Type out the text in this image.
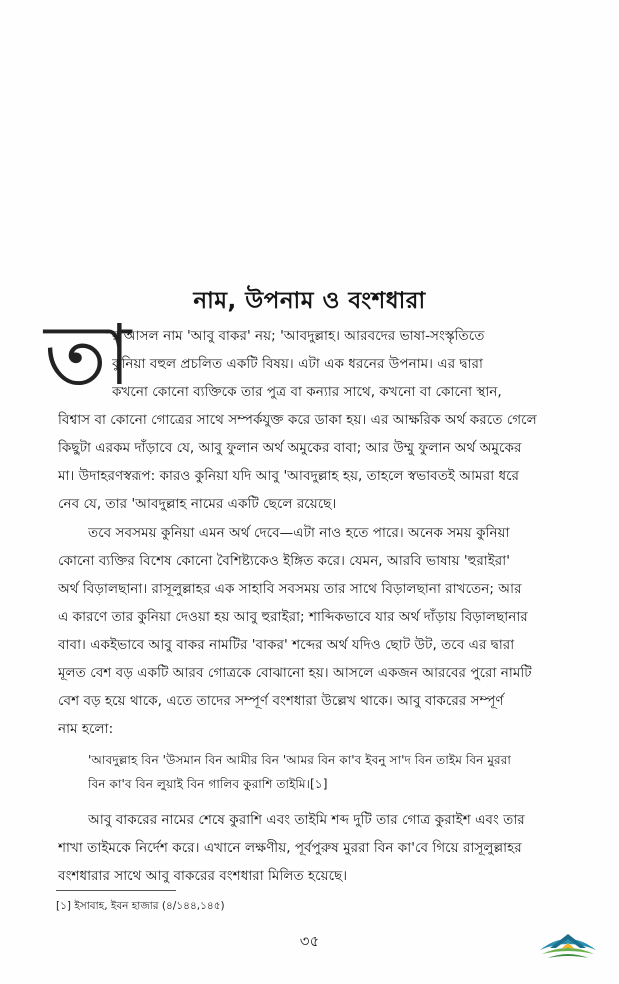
নাম, উপনাম ও বংশধারা
তা
র আসল নাম 'আবু বাকর' নয়; 'আবদুল্লাহ। আরবদের ভাষা-সংস্কৃতিতে
কুনিয়া বহুল প্রচলিত একটি বিষয়। এটা এক ধরনের উপনাম। এর দ্বারা
কখনো কোনো ব্যক্তিকে তার পুত্র বা কন্যার সাথে, কখনো বা কোনো স্থান,
বিশ্বাস বা কোনো গোত্রের সাথে সম্পর্কযুক্ত করে ডাকা হয়। এর আক্ষরিক অর্থ করতে গেলে
কিছুটা এরকম দাঁড়াবে যে, আবু ফুলান অর্থ অমুকের বাবা; আর উম্মু ফুলান অর্থ অমুকের
মা। উদাহরণস্বরূপ: কারও কুনিয়া যদি আবু 'আবদুল্লাহ হয়, তাহলে স্বভাবতই আমরা ধরে
নেব যে, তার 'আবদুল্লাহ নামের একটি ছেলে রয়েছে।
তবে সবসময় কুনিয়া এমন অর্থ দেবে—এটা নাও হতে পারে। অনেক সময় কুনিয়া
কোনো ব্যক্তির বিশেষ কোনো বৈশিষ্ট্যকেও ইঙ্গিত করে। যেমন, আরবি ভাষায় 'হুরাইরা'
অর্থ বিড়ালছানা। রাসূলুল্লাহর এক সাহাবি সবসময় তার সাথে বিড়ালছানা রাখতেন; আর
এ কারণে তার কুনিয়া দেওয়া হয় আবু হুরাইরা; শাব্দিকভাবে যার অর্থ দাঁড়ায় বিড়ালছানার
বাবা। একইভাবে আবু বাকর নামটির 'বাকর' শব্দের অর্থ যদিও ছোট উট, তবে এর দ্বারা
মূলত বেশ বড় একটি আরব গোত্রকে বোঝানো হয়। আসলে একজন আরবের পুরো নামটি
বেশ বড় হয়ে থাকে, এতে তাদের সম্পূর্ণ বংশধারা উল্লেখ থাকে। আবু বাকরের সম্পূর্ণ
নাম হলো:
'আবদুল্লাহ বিন 'উসমান বিন আমীর বিন 'আমর বিন কা'ব ইবনু সা'দ বিন তাইম বিন মুররা
বিন কা'ব বিন লুয়াই বিন গালিব কুরাশি তাইমি।[১]
আবু বাকরের নামের শেষে কুরাশি এবং তাইমি শব্দ দুটি তার গোত্র কুরাইশ এবং তার
শাখা তাইমকে নির্দেশ করে। এখানে লক্ষণীয়, পূর্বপুরুষ মুররা বিন কা'বে গিয়ে রাসূলুল্লাহর
বংশধারার সাথে আবু বাকরের বংশধারা মিলিত হয়েছে।
[১] ইসাবাহ, ইবন হাজার (৪/১৪৪,১৪৫)
৩৫
